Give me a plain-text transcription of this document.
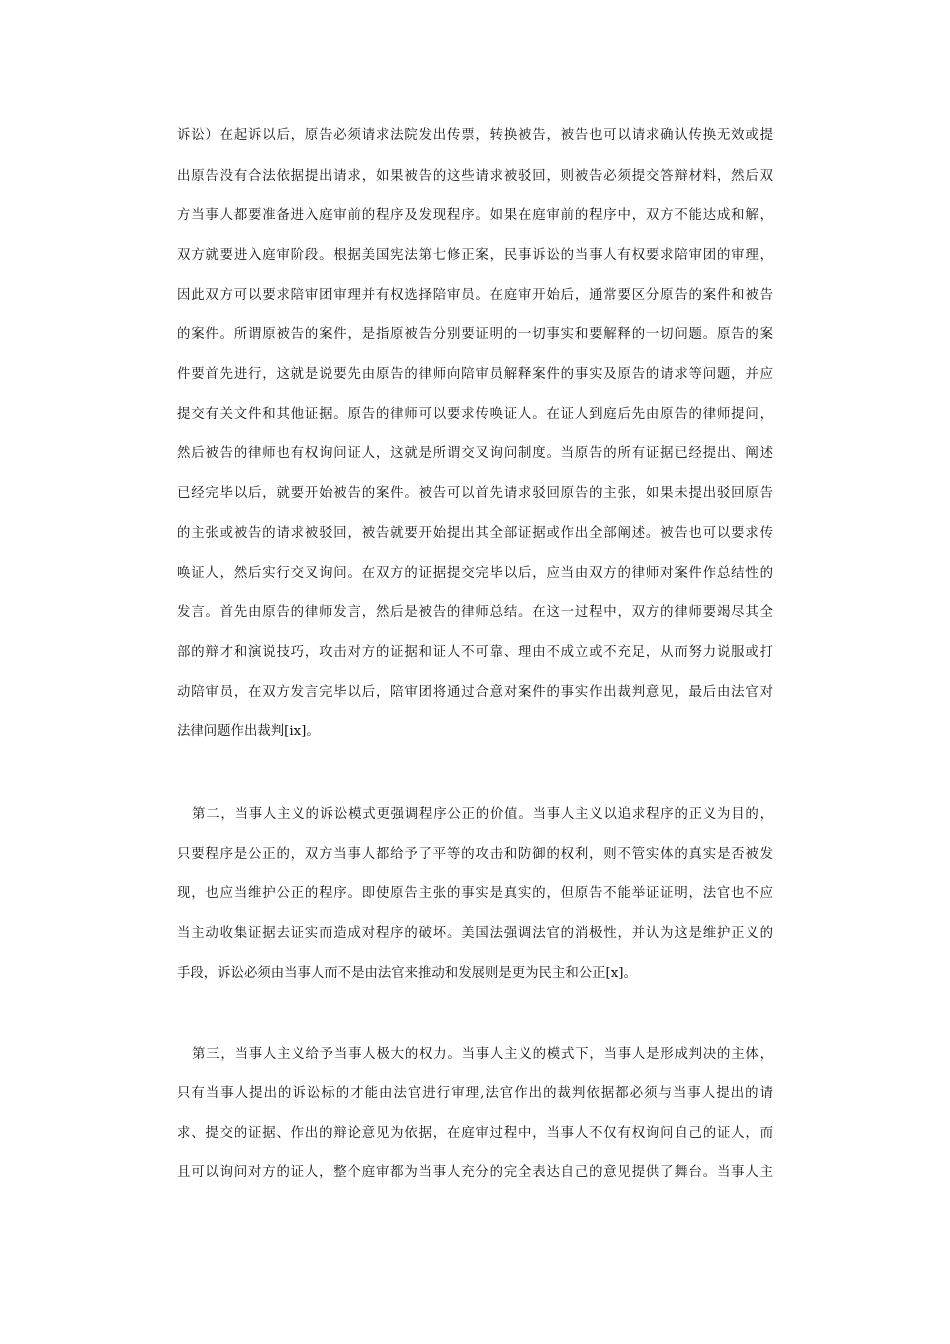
诉讼）在起诉以后，原告必须请求法院发出传票，转换被告，被告也可以请求确认传换无效或提
出原告没有合法依据提出请求，如果被告的这些请求被驳回，则被告必须提交答辩材料，然后双
方当事人都要准备进入庭审前的程序及发现程序。如果在庭审前的程序中，双方不能达成和解，
双方就要进入庭审阶段。根据美国宪法第七修正案，民事诉讼的当事人有权要求陪审团的审理，
因此双方可以要求陪审团审理并有权选择陪审员。在庭审开始后，通常要区分原告的案件和被告
的案件。所谓原被告的案件，是指原被告分别要证明的一切事实和要解释的一切问题。原告的案
件要首先进行，这就是说要先由原告的律师向陪审员解释案件的事实及原告的请求等问题，并应
提交有关文件和其他证据。原告的律师可以要求传唤证人。在证人到庭后先由原告的律师提问，
然后被告的律师也有权询问证人，这就是所谓交叉询问制度。当原告的所有证据已经提出、阐述
已经完毕以后，就要开始被告的案件。被告可以首先请求驳回原告的主张，如果未提出驳回原告
的主张或被告的请求被驳回，被告就要开始提出其全部证据或作出全部阐述。被告也可以要求传
唤证人，然后实行交叉询问。在双方的证据提交完毕以后，应当由双方的律师对案件作总结性的
发言。首先由原告的律师发言，然后是被告的律师总结。在这一过程中，双方的律师要竭尽其全
部的辩才和演说技巧，攻击对方的证据和证人不可靠、理由不成立或不充足，从而努力说服或打
动陪审员，在双方发言完毕以后，陪审团将通过合意对案件的事实作出裁判意见，最后由法官对
法律问题作出裁判[ix]。
第二，当事人主义的诉讼模式更强调程序公正的价值。当事人主义以追求程序的正义为目的，
只要程序是公正的，双方当事人都给予了平等的攻击和防御的权利，则不管实体的真实是否被发
现，也应当维护公正的程序。即使原告主张的事实是真实的，但原告不能举证证明，法官也不应
当主动收集证据去证实而造成对程序的破坏。美国法强调法官的消极性，并认为这是维护正义的
手段，诉讼必须由当事人而不是由法官来推动和发展则是更为民主和公正[x]。
第三，当事人主义给予当事人极大的权力。当事人主义的模式下，当事人是形成判决的主体，
只有当事人提出的诉讼标的才能由法官进行审理,法官作出的裁判依据都必须与当事人提出的请
求、提交的证据、作出的辩论意见为依据，在庭审过程中，当事人不仅有权询问自己的证人，而
且可以询问对方的证人，整个庭审都为当事人充分的完全表达自己的意见提供了舞台。当事人主
